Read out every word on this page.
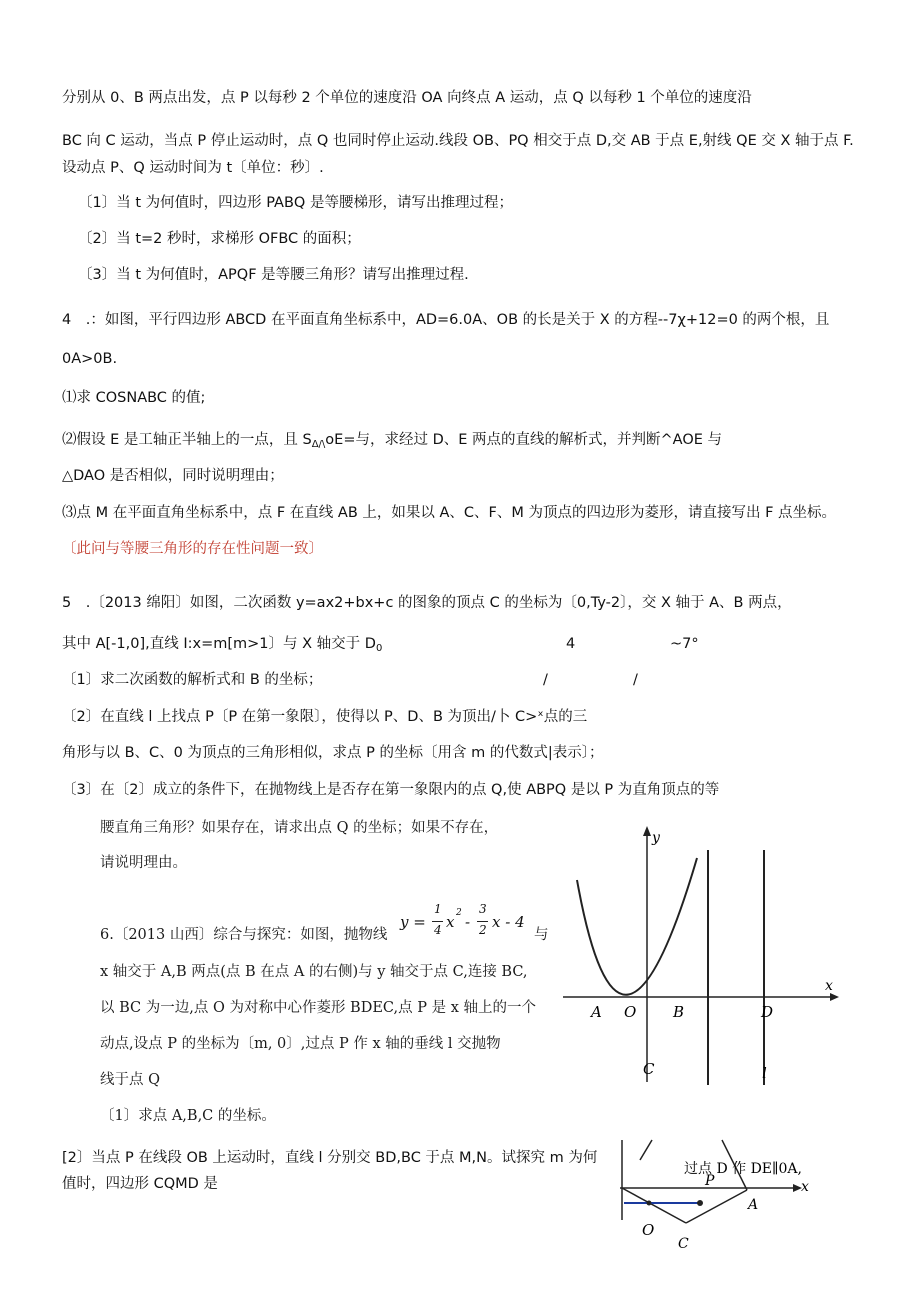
分别从 0、B 两点出发，点 P 以每秒 2 个单位的速度沿 OA 向终点 A 运动，点 Q 以每秒 1 个单位的速度沿
BC 向 C 运动，当点 P 停止运动时，点 Q 也同时停止运动.线段 OB、PQ 相交于点 D,交 AB 于点 E,射线 QE 交 X 轴于点 F.
设动点 P、Q 运动时间为 t〔单位：秒〕.
〔1〕当 t 为何值时，四边形 PABQ 是等腰梯形，请写出推理过程；
〔2〕当 t=2 秒时，求梯形 OFBC 的面积；
〔3〕当 t 为何值时，APQF 是等腰三角形？请写出推理过程.
4　.：如图，平行四边形 ABCD 在平面直角坐标系中，AD=6.0A、OB 的长是关于 X 的方程--7χ+12=0 的两个根，且
0A>0B.
⑴求 COSNABC 的值;
⑵假设 E 是工轴正半轴上的一点，且 $S_{\Delta/\backslash}oE=$与，求经过 D、E 两点的直线的解析式，并判断^AOE 与
△DAO 是否相似，同时说明理由；
⑶点 M 在平面直角坐标系中，点 F 在直线 AB 上，如果以 A、C、F、M 为顶点的四边形为菱形，请直接写出 F 点坐标。
〔此问与等腰三角形的存在性问题一致〕
5　.〔2013 绵阳〕如图，二次函数 y=ax2+bx+c 的图象的顶点 C 的坐标为〔0,Ty-2〕，交 X 轴于 A、B 两点，
其中 A[-1,0],直线 I:x=m[m>1〕与 X 轴交于 $D_0$	4	~7°
〔1〕求二次函数的解析式和 B 的坐标；	/	/
〔2〕在直线 l 上找点 P〔P 在第一象限〕，使得以 P、D、B 为顶出/卜 C>ˣ点的三
角形与以 B、C、0 为顶点的三角形相似，求点 P 的坐标〔用含 m 的代数式|表示〕；
〔3〕在〔2〕成立的条件下，在抛物线上是否存在第一象限内的点 Q,使 ABPQ 是以 P 为直角顶点的等
腰直角三角形？如果存在，请求出点 Q 的坐标；如果不存在，
请说明理由。
6.〔2013 山西〕综合与探究：如图，抛物线
y =
1
4 x 2 -
3
2 x - 4
与
x 轴交于 A,B 两点(点 B 在点 A 的右侧)与 y 轴交于点 C,连接 BC,
以 BC 为一边,点 O 为对称中心作菱形 BDEC,点 P 是 x 轴上的一个
动点,设点 P 的坐标为〔m, 0〕,过点 P 作 x 轴的垂线 l 交抛物
线于点 Q
〔1〕求点 A,B,C 的坐标。
[2〕当点 P 在线段 OB 上运动时，直线 l 分别交 BD,BC 于点 M,N。试探究 m 为何
值时，四边形 CQMD 是
y
x
A O B	D
C	l
过点 D 作 DE∥0A,
P	x
A
O
C
